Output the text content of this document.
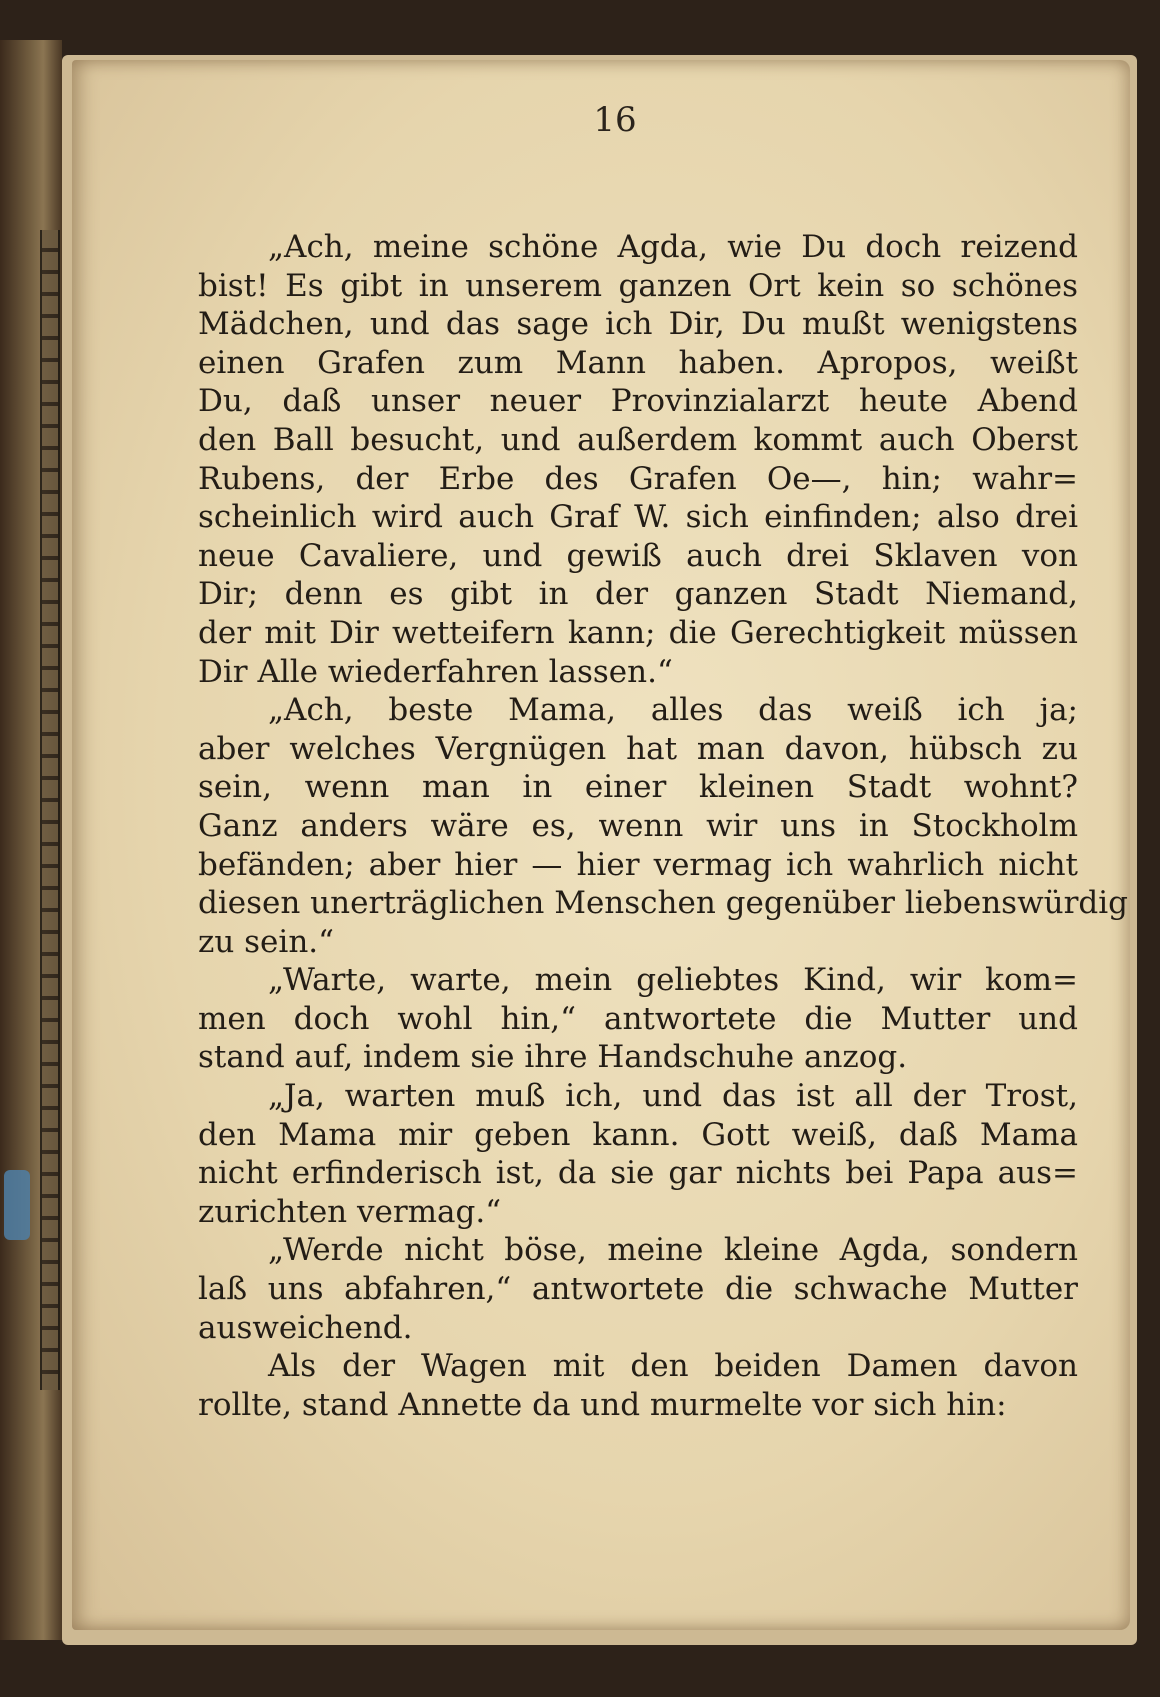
16
„Ach, meine schöne Agda, wie Du doch reizend
bist! Es gibt in unserem ganzen Ort kein so schönes
Mädchen, und das sage ich Dir, Du mußt wenigstens
einen Grafen zum Mann haben. Apropos, weißt
Du, daß unser neuer Provinzialarzt heute Abend
den Ball besucht, und außerdem kommt auch Oberst
Rubens, der Erbe des Grafen Oe—, hin; wahr=
scheinlich wird auch Graf W. sich einfinden; also drei
neue Cavaliere, und gewiß auch drei Sklaven von
Dir; denn es gibt in der ganzen Stadt Niemand,
der mit Dir wetteifern kann; die Gerechtigkeit müssen
Dir Alle wiederfahren lassen.“
„Ach, beste Mama, alles das weiß ich ja;
aber welches Vergnügen hat man davon, hübsch zu
sein, wenn man in einer kleinen Stadt wohnt?
Ganz anders wäre es, wenn wir uns in Stockholm
befänden; aber hier — hier vermag ich wahrlich nicht
diesen unerträglichen Menschen gegenüber liebenswürdig
zu sein.“
„Warte, warte, mein geliebtes Kind, wir kom=
men doch wohl hin,“ antwortete die Mutter und
stand auf, indem sie ihre Handschuhe anzog.
„Ja, warten muß ich, und das ist all der Trost,
den Mama mir geben kann. Gott weiß, daß Mama
nicht erfinderisch ist, da sie gar nichts bei Papa aus=
zurichten vermag.“
„Werde nicht böse, meine kleine Agda, sondern
laß uns abfahren,“ antwortete die schwache Mutter
ausweichend.
Als der Wagen mit den beiden Damen davon
rollte, stand Annette da und murmelte vor sich hin:
